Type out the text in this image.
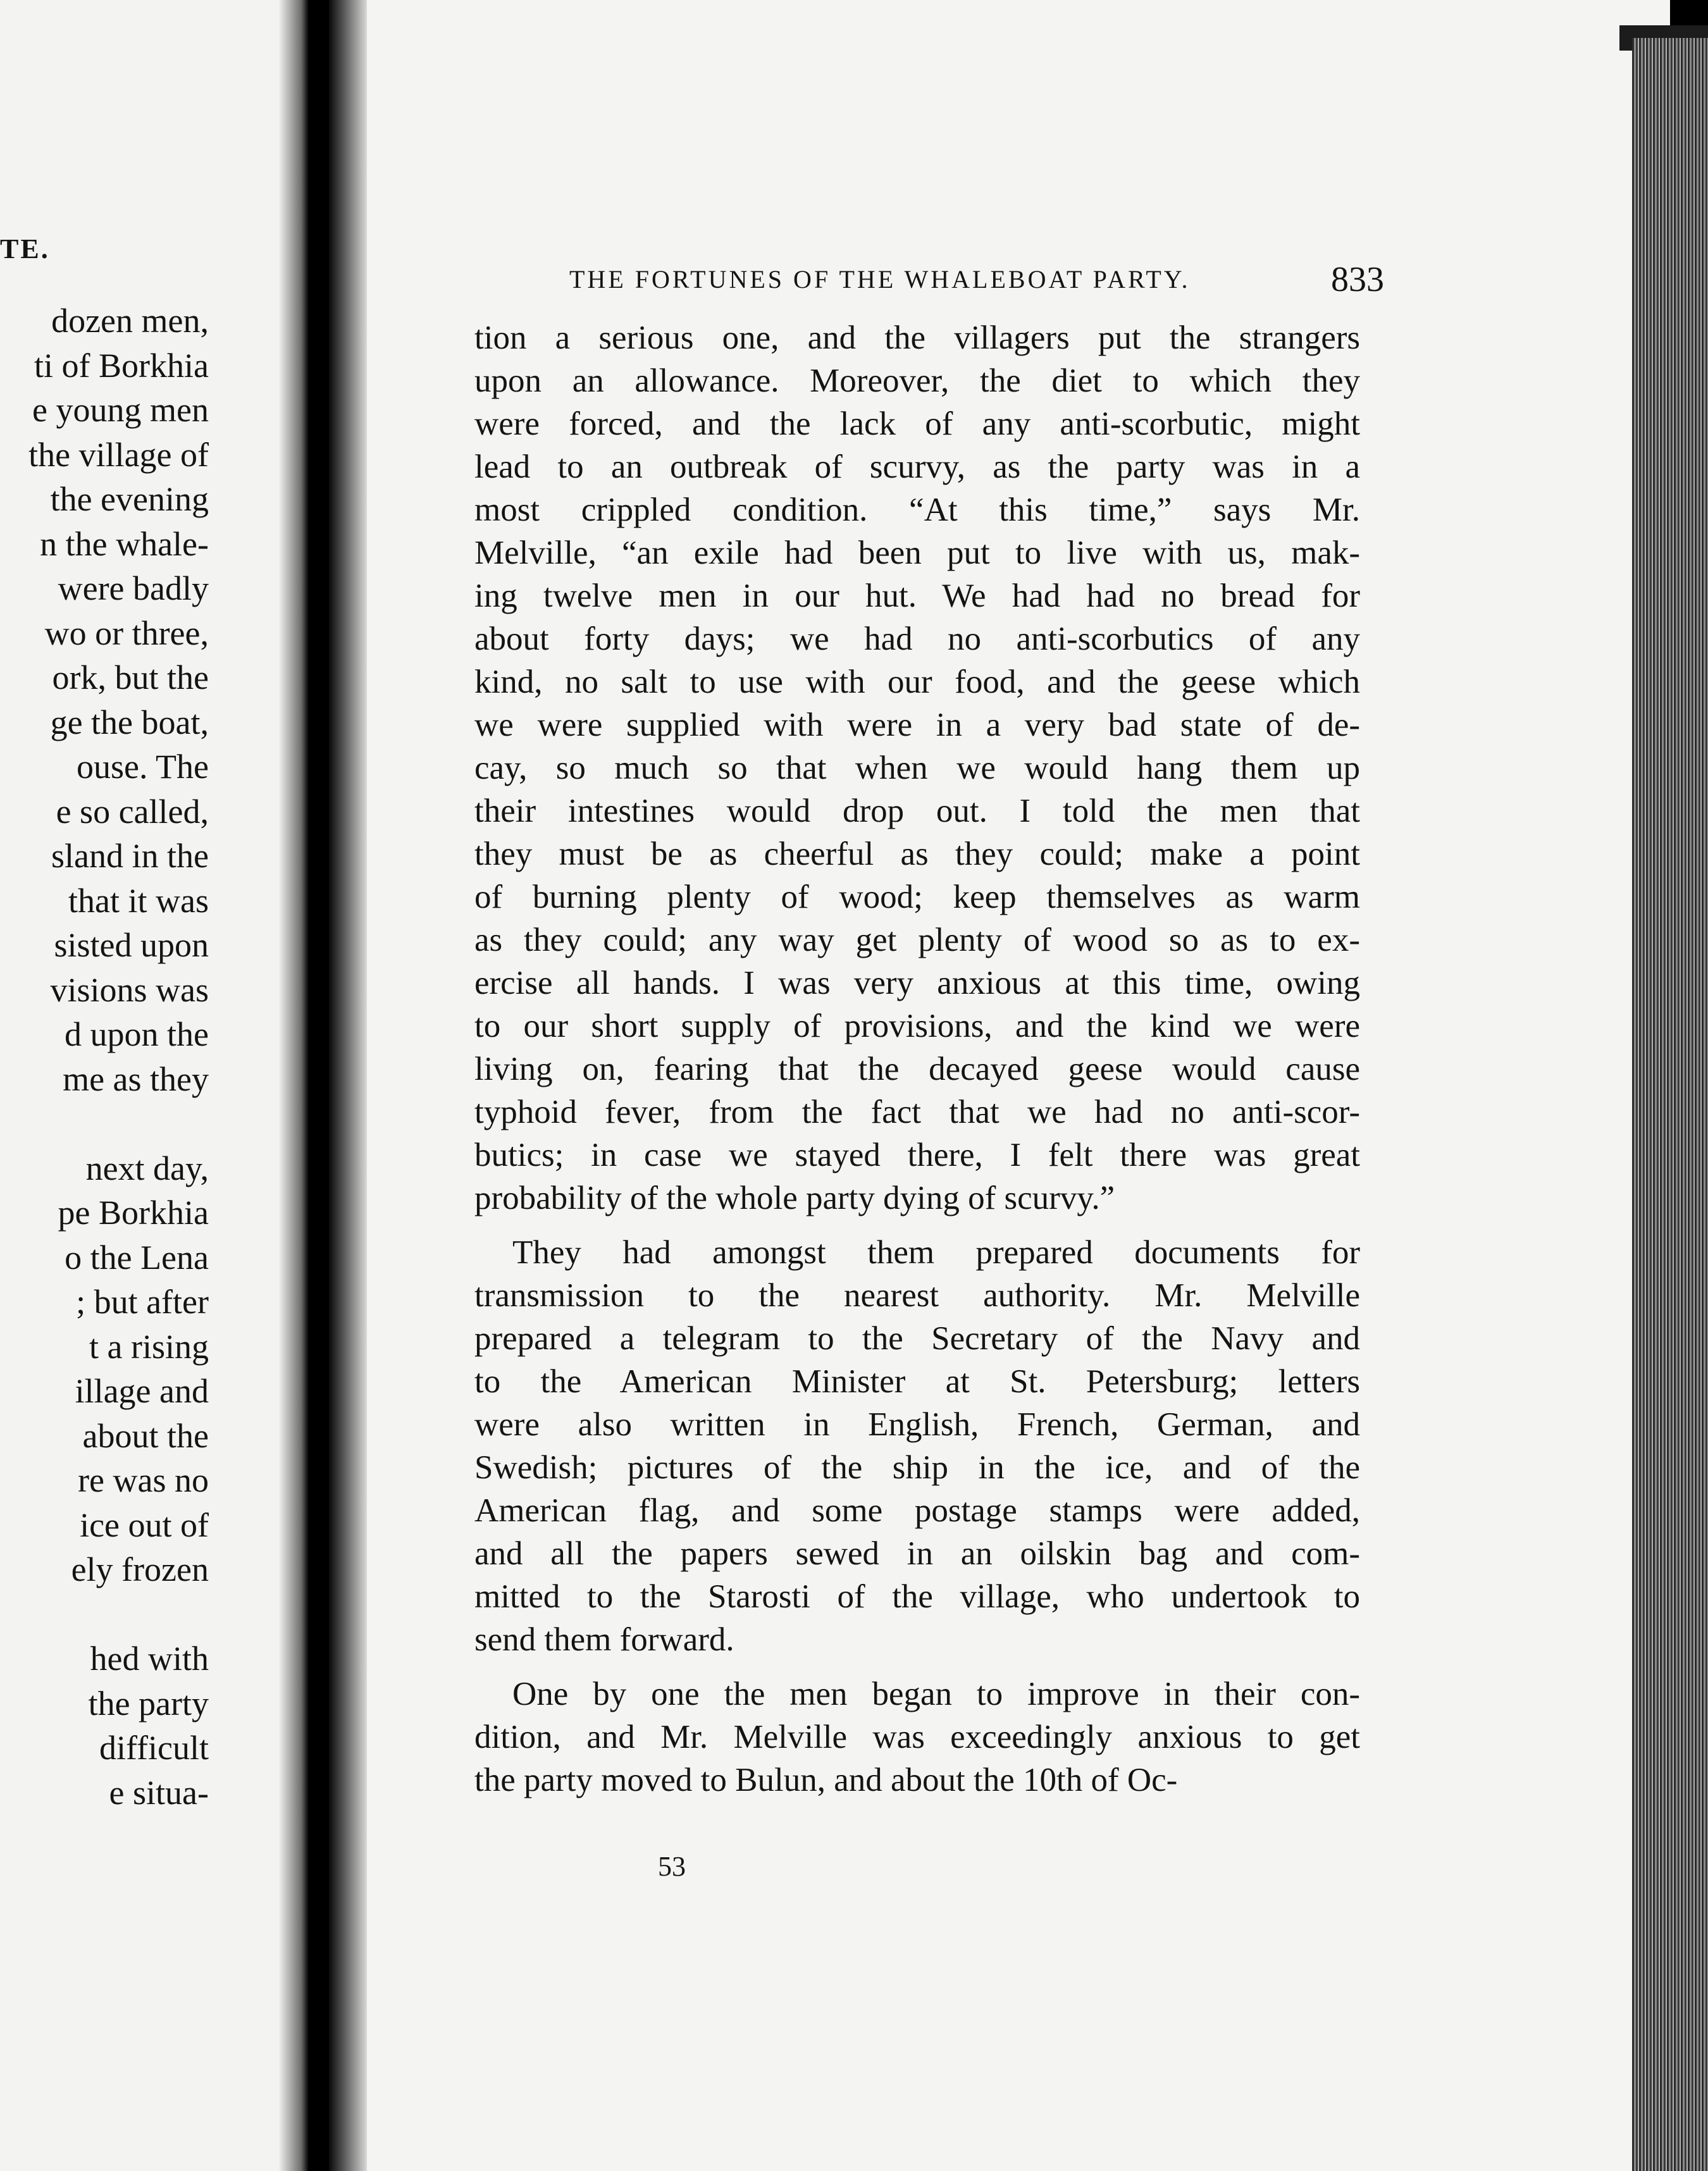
TE.
dozen men,
ti of Borkhia
e young men
the village of
the evening
n the whale-
were badly
wo or three,
ork, but the
ge the boat,
ouse. The
e so called,
sland in the
that it was
sisted upon
visions was
d upon the
me as they
next day,
pe Borkhia
o the Lena
; but after
t a rising
illage and
about the
re was no
ice out of
ely frozen
hed with
the party
difficult
e situa-
THE FORTUNES OF THE WHALEBOAT PARTY.	833
tion a serious one, and the villagers put the strangers
upon an allowance. Moreover, the diet to which they
were forced, and the lack of any anti-scorbutic, might
lead to an outbreak of scurvy, as the party was in a
most crippled condition. “At this time,” says Mr.
Melville, “an exile had been put to live with us, mak-
ing twelve men in our hut. We had had no bread for
about forty days; we had no anti-scorbutics of any
kind, no salt to use with our food, and the geese which
we were supplied with were in a very bad state of de-
cay, so much so that when we would hang them up
their intestines would drop out. I told the men that
they must be as cheerful as they could; make a point
of burning plenty of wood; keep themselves as warm
as they could; any way get plenty of wood so as to ex-
ercise all hands. I was very anxious at this time, owing
to our short supply of provisions, and the kind we were
living on, fearing that the decayed geese would cause
typhoid fever, from the fact that we had no anti-scor-
butics; in case we stayed there, I felt there was great
probability of the whole party dying of scurvy.”
They had amongst them prepared documents for
transmission to the nearest authority. Mr. Melville
prepared a telegram to the Secretary of the Navy and
to the American Minister at St. Petersburg; letters
were also written in English, French, German, and
Swedish; pictures of the ship in the ice, and of the
American flag, and some postage stamps were added,
and all the papers sewed in an oilskin bag and com-
mitted to the Starosti of the village, who undertook to
send them forward.
One by one the men began to improve in their con-
dition, and Mr. Melville was exceedingly anxious to get
the party moved to Bulun, and about the 10th of Oc-
53
